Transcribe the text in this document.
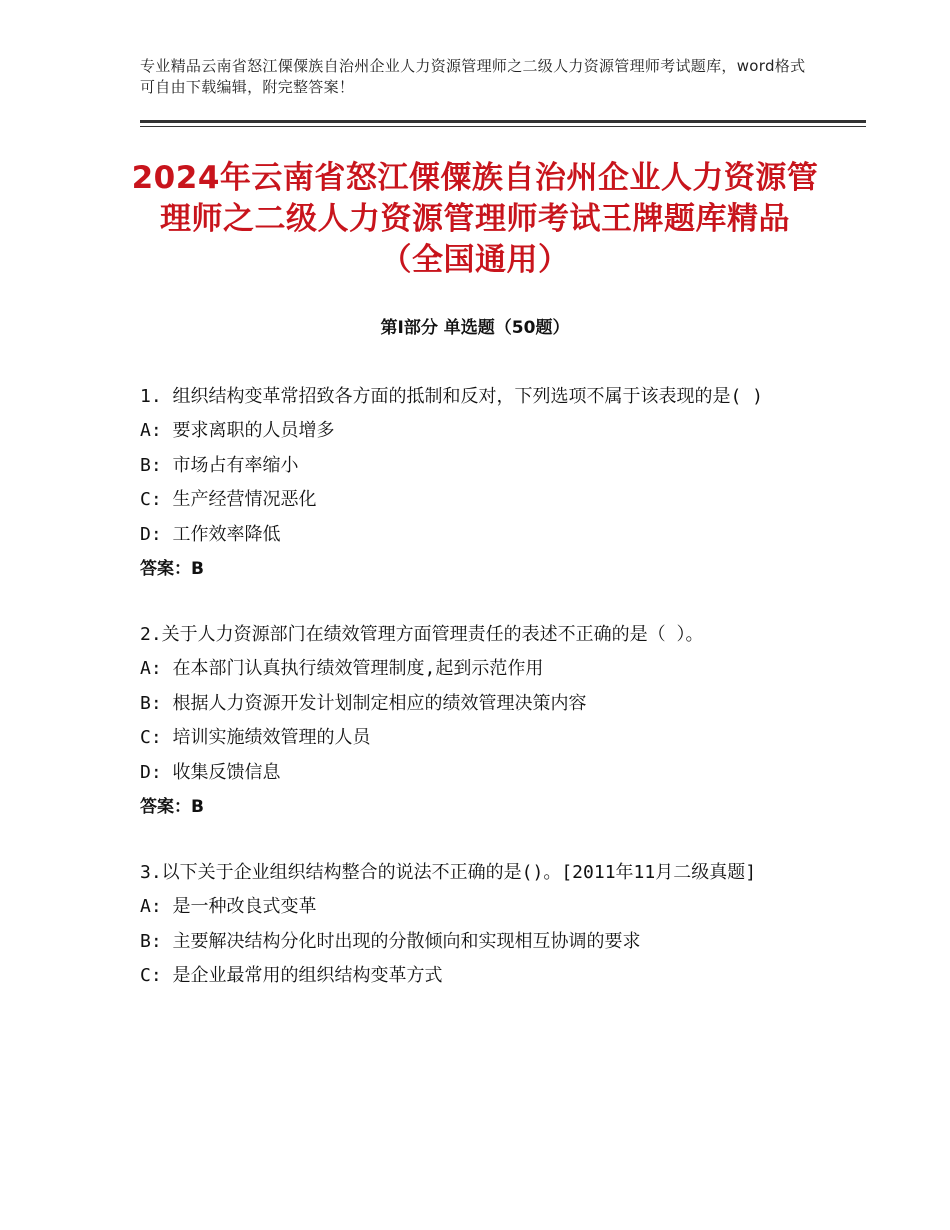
专业精品云南省怒江傈僳族自治州企业人力资源管理师之二级人力资源管理师考试题库，word格式可自由下载编辑，附完整答案！
2024年云南省怒江傈僳族自治州企业人力资源管理师之二级人力资源管理师考试王牌题库精品（全国通用）
第Ⅰ部分 单选题（50题）
1. 组织结构变革常招致各方面的抵制和反对，下列选项不属于该表现的是( )
A: 要求离职的人员增多
B: 市场占有率缩小
C: 生产经营情况恶化
D: 工作效率降低
答案：B
2.关于人力资源部门在绩效管理方面管理责任的表述不正确的是（ ）。
A: 在本部门认真执行绩效管理制度,起到示范作用
B: 根据人力资源开发计划制定相应的绩效管理决策内容
C: 培训实施绩效管理的人员
D: 收集反馈信息
答案：B
3.以下关于企业组织结构整合的说法不正确的是()。[2011年11月二级真题]
A: 是一种改良式变革
B: 主要解决结构分化时出现的分散倾向和实现相互协调的要求
C: 是企业最常用的组织结构变革方式
